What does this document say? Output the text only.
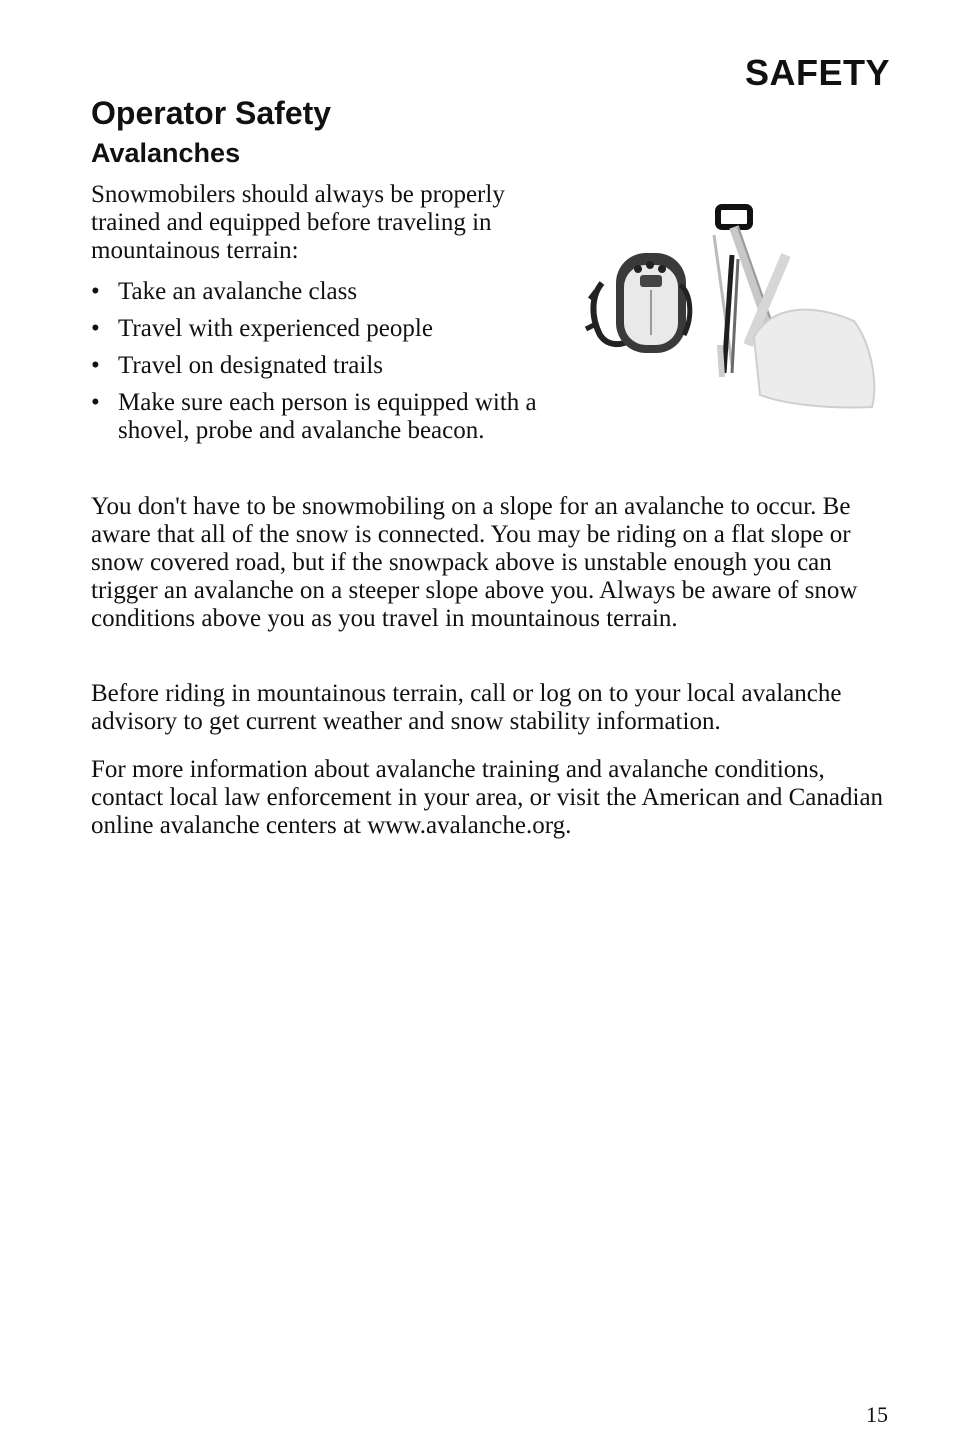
SAFETY
Operator Safety
Avalanches

Snowmobilers should always be properly trained and equipped before traveling in mountainous terrain:

• Take an avalanche class
• Travel with experienced people
• Travel on designated trails
• Make sure each person is equipped with a shovel, probe and avalanche beacon.

You don't have to be snowmobiling on a slope for an avalanche to occur. Be aware that all of the snow is connected. You may be riding on a flat slope or snow covered road, but if the snowpack above is unstable enough you can trigger an avalanche on a steeper slope above you. Always be aware of snow conditions above you as you travel in mountainous terrain.

Before riding in mountainous terrain, call or log on to your local avalanche advisory to get current weather and snow stability information.

For more information about avalanche training and avalanche conditions, contact local law enforcement in your area, or visit the American and Canadian online avalanche centers at www.avalanche.org.

15
